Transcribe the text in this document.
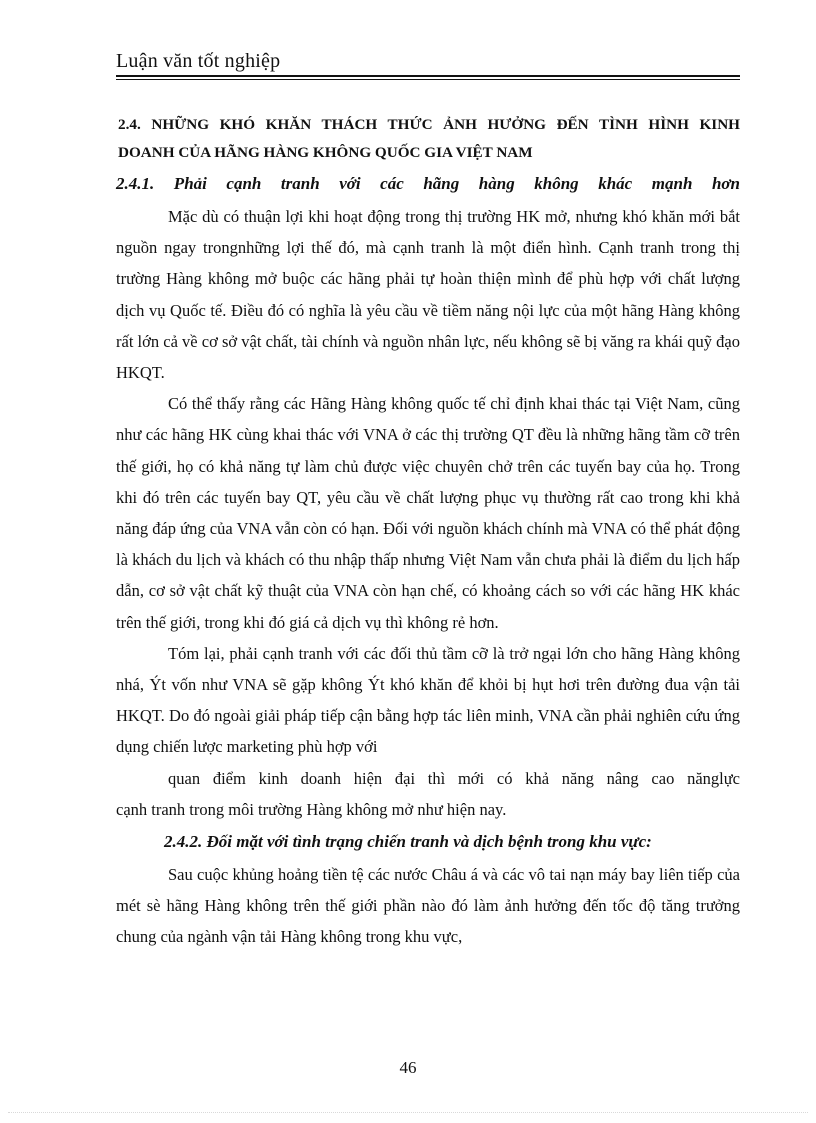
Luận văn tốt nghiệp

2.4. NHỮNG KHÓ KHĂN THÁCH THỨC ẢNH HƯỞNG ĐẾN TÌNH HÌNH KINH

DOANH CỦA HÃNG HÀNG KHÔNG QUỐC GIA VIỆT NAM

2.4.1. Phải cạnh tranh với các hãng hàng không khác mạnh hơn

Mặc dù có thuận lợi khi hoạt động trong thị trường HK mở, nhưng khó khăn mới bắt nguồn ngay trongnhững lợi thế đó, mà cạnh tranh là một điển hình. Cạnh tranh trong thị trường Hàng không mở buộc các hãng phải tự hoàn thiện mình để phù hợp với chất lượng dịch vụ Quốc tế. Điều đó có nghĩa là yêu cầu về tiềm năng nội lực của một hãng Hàng không rất lớn cả về cơ sở vật chất, tài chính và nguồn nhân lực, nếu không sẽ bị văng ra khái quỹ đạo HKQT.

Có thể thấy rằng các Hãng Hàng không quốc tế chỉ định khai thác tại Việt Nam, cũng như các hãng HK cùng khai thác với VNA ở các thị trường QT đều là những hãng tầm cỡ trên thế giới, họ có khả năng tự làm chủ được việc chuyên chở trên các tuyến bay của họ. Trong khi đó trên các tuyến bay QT, yêu cầu về chất lượng phục vụ thường rất cao trong khi khả năng đáp ứng của VNA vẫn còn có hạn. Đối với nguồn khách chính mà VNA có thể phát động là khách du lịch và khách có thu nhập thấp nhưng Việt Nam vẫn chưa phải là điểm du lịch hấp dẫn, cơ sở vật chất kỹ thuật của VNA còn hạn chế, có khoảng cách so với các hãng HK khác trên thế giới, trong khi đó giá cả dịch vụ thì không rẻ hơn.

Tóm lại, phải cạnh tranh với các đối thủ tầm cỡ là trở ngại lớn cho hãng Hàng không nhá, Ýt vốn như VNA sẽ gặp không Ýt khó khăn để khỏi bị hụt hơi trên đường đua vận tải HKQT. Do đó ngoài giải pháp tiếp cận bằng hợp tác liên minh, VNA cần phải nghiên cứu ứng dụng chiến lược marketing phù hợp với

quan điểm kinh doanh hiện đại thì mới có khả năng nâng cao nănglực

cạnh tranh trong môi trường Hàng không mở như hiện nay.

2.4.2. Đối mặt với tình trạng chiến tranh và dịch bệnh trong khu vực:

Sau cuộc khủng hoảng tiền tệ các nước Châu á và các vô tai nạn máy bay liên tiếp của mét sè hãng Hàng không trên thế giới phần nào đó làm ảnh hưởng đến tốc độ tăng trưởng chung của ngành vận tải Hàng không trong khu vực,

46
